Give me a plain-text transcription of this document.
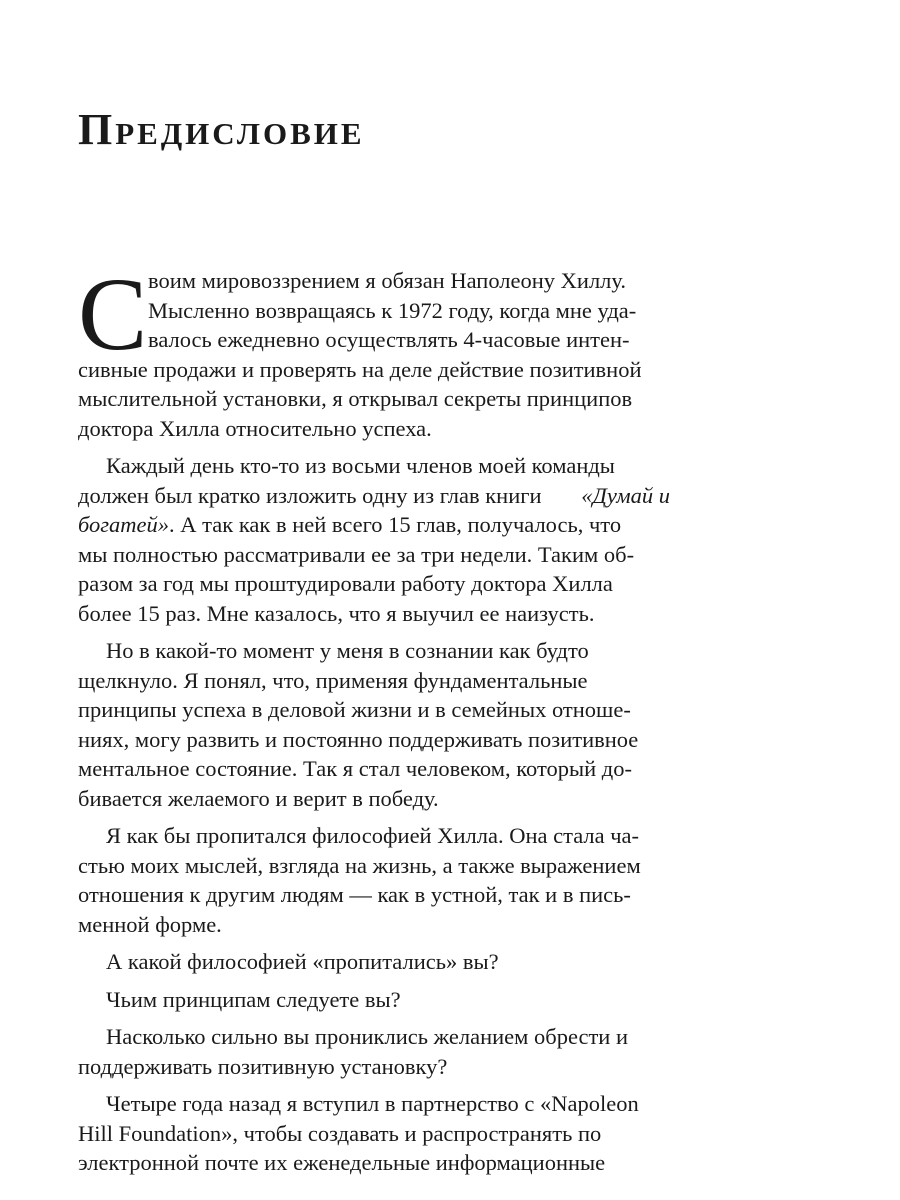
Предисловие
С воим мировоззрением я обязан Наполеону Хиллу.
Мысленно возвращаясь к 1972 году, когда мне уда-
валось ежедневно осуществлять 4-часовые интен-
сивные продажи и проверять на деле действие позитивной
мыслительной установки, я открывал секреты принципов
доктора Хилла относительно успеха.
Каждый день кто-то из восьми членов моей команды
должен был кратко изложить одну из глав книги «Думай и
богатей» . А так как в ней всего 15 глав, получалось, что
мы полностью рассматривали ее за три недели. Таким об-
разом за год мы проштудировали работу доктора Хилла
более 15 раз. Мне казалось, что я выучил ее наизусть.
Но в какой-то момент у меня в сознании как будто
щелкнуло. Я понял, что, применяя фундаментальные
принципы успеха в деловой жизни и в семейных отноше-
ниях, могу развить и постоянно поддерживать позитивное
ментальное состояние. Так я стал человеком, который до-
бивается желаемого и верит в победу.
Я как бы пропитался философией Хилла. Она стала ча-
стью моих мыслей, взгляда на жизнь, а также выражением
отношения к другим людям — как в устной, так и в пись-
менной форме.
А какой философией «пропитались» вы?
Чьим принципам следуете вы?
Насколько сильно вы прониклись желанием обрести и
поддерживать позитивную установку?
Четыре года назад я вступил в партнерство с «Napoleon
Hill Foundation», чтобы создавать и распространять по
электронной почте их еженедельные информационные
